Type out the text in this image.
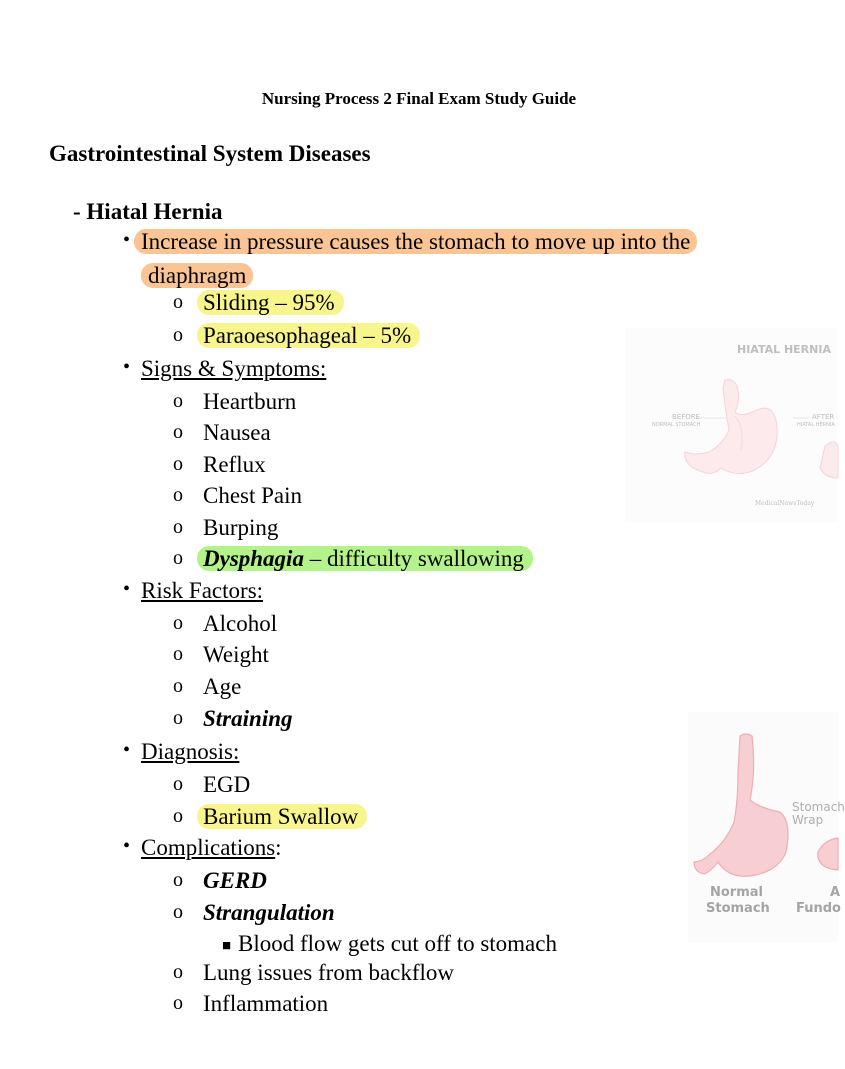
Nursing Process 2 Final Exam Study Guide
Gastrointestinal System Diseases
- Hiatal Hernia
• Increase in pressure causes the stomach to move up into the
diaphragm
o Sliding – 95%
o Paraoesophageal – 5%
• Signs & Symptoms:
o Heartburn
o Nausea
o Reflux
o Chest Pain
o Burping
o Dysphagia – difficulty swallowing
• Risk Factors:
o Alcohol
o Weight
o Age
o Straining
• Diagnosis:
o EGD
o Barium Swallow
• Complications:
o GERD
o Strangulation
■ Blood flow gets cut off to stomach
o Lung issues from backflow
o Inflammation
HIATAL HERNIA
BEFORE
NORMAL STOMACH
AFTER
HIATAL HERNIA
MedicalNewsToday
Stomach
Wrap
Normal
Stomach
A
Fundo
